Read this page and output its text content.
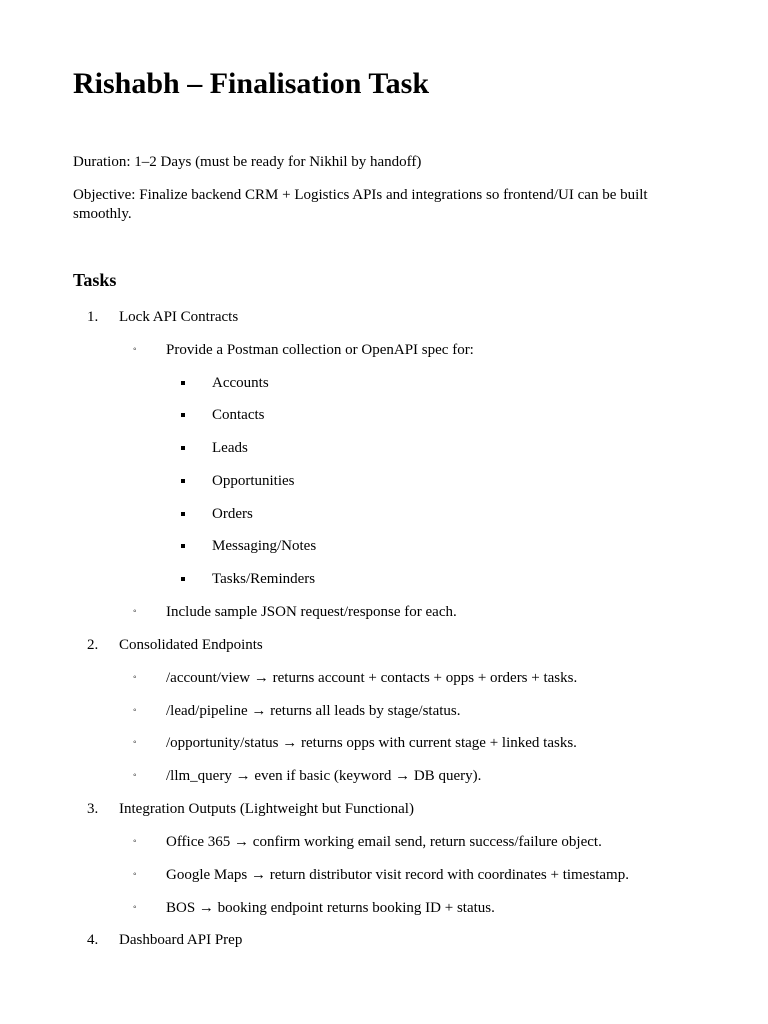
Rishabh – Finalisation Task

Duration: 1–2 Days (must be ready for Nikhil by handoff)

Objective: Finalize backend CRM + Logistics APIs and integrations so frontend/UI can be built smoothly.

Tasks
1.	Lock API Contracts
◦ Provide a Postman collection or OpenAPI spec for:
Accounts
Contacts
Leads
Opportunities
Orders
Messaging/Notes
Tasks/Reminders
◦ Include sample JSON request/response for each.
2.	Consolidated Endpoints
◦ /account/view → returns account + contacts + opps + orders + tasks.
◦ /lead/pipeline → returns all leads by stage/status.
◦ /opportunity/status → returns opps with current stage + linked tasks.
◦ /llm_query → even if basic (keyword → DB query).
3.	Integration Outputs (Lightweight but Functional)
◦ Office 365 → confirm working email send, return success/failure object.
◦ Google Maps → return distributor visit record with coordinates + timestamp.
◦ BOS → booking endpoint returns booking ID + status.
4.	Dashboard API Prep
